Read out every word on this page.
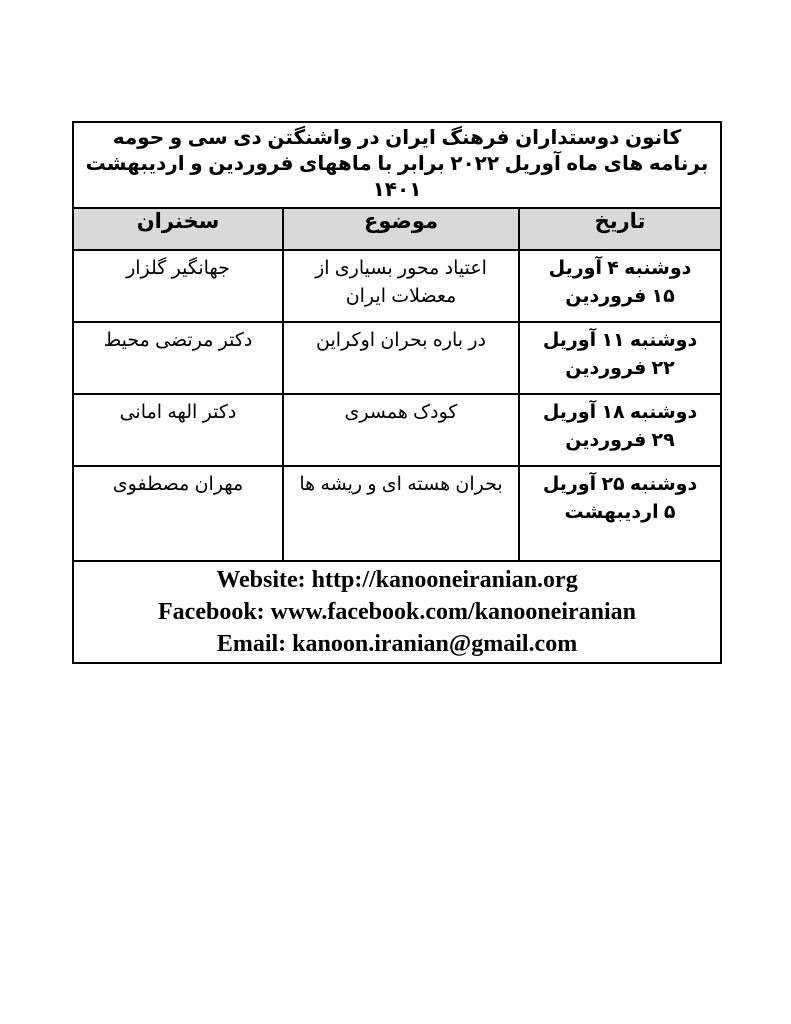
کانون دوستداران فرهنگ ایران در واشنگتن دی سی و حومه
برنامه های ماه آوریل ۲۰۲۲ برابر با ماههای فروردین و اردیبهشت
۱۴۰۱		

تاریخ	موضوع	سخنران

دوشنبه ۴ آوریل
۱۵ فروردین	اعتیاد محور بسیاری از معضلات ایران	جهانگیر گلزار

دوشنبه ۱۱ آوریل
۲۲ فروردین	در باره بحران اوکراین	دکتر مرتضی محیط

دوشنبه ۱۸ آوریل
۲۹ فروردین	کودک همسری	دکتر الهه امانی

دوشنبه ۲۵ آوریل
۵ اردیبهشت	بحران هسته ای و ریشه ها	مهران مصطفوی

Website: http://kanooneiranian.org
Facebook: www.facebook.com/kanooneiranian
Email: kanoon.iranian@gmail.com		
